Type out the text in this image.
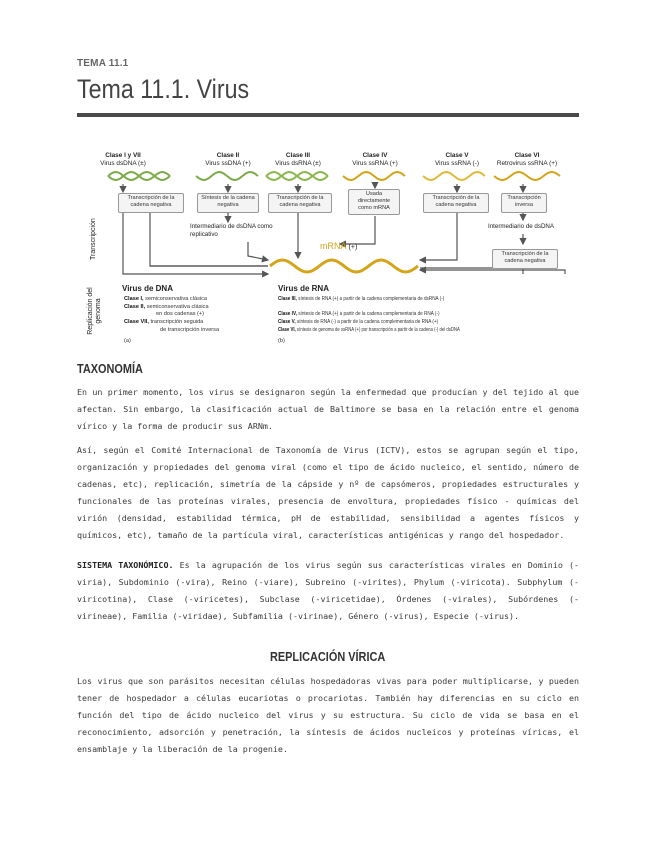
TEMA 11.1
Tema 11.1. Virus
Clase I y VII
Virus dsDNA (±)
Clase II
Virus ssDNA (+)
Clase III
Virus dsRNA (±)
Clase IV
Virus ssRNA (+)
Clase V
Virus ssRNA (-)
Clase VI
Retrovirus ssRNA (+)
Transcripción de la cadena negativa
Síntesis de la cadena negativa
Transcripción de la cadena negativa
Usada directamente como mRNA
Transcripción de la cadena negativa
Transcripción inversa
Transcripción de la cadena negativa
Intermediario de dsDNA como replicativo
Intermediario de dsDNA
mRNA (+)
Transcripción
Replicación del genoma
Virus de DNA
Clase I, semiconservativa clásica
Clase II, semiconservativa clásica
en dos cadenas (+)
Clase VII, transcripción seguida
de transcripción inversa
(a)
Virus de RNA
Clase III, síntesis de RNA (+) a partir de la cadena complementaria de dsRNA (-)
Clase IV, síntesis de RNA (+) a partir de la cadena complementaria de RNA (-)
Clase V, síntesis de RNA (-) a partir de la cadena complementaria de RNA (+)
Clase VI, síntesis de genoma de ssRNA (+) por transcripción a partir de la cadena (-) del dsDNA
(b)
TAXONOMÍA

En un primer momento, los virus se designaron según la enfermedad que producían y del tejido al que afectan. Sin embargo, la clasificación actual de Baltimore se basa en la relación entre el genoma vírico y la forma de producir sus ARNm.

Así, según el Comité Internacional de Taxonomía de Virus (ICTV), estos se agrupan según el tipo, organización y propiedades del genoma viral (como el tipo de ácido nucleico, el sentido, número de cadenas, etc), replicación, simetría de la cápside y nº de capsómeros, propiedades estructurales y funcionales de las proteínas virales, presencia de envoltura, propiedades físico - químicas del virión (densidad, estabilidad térmica, pH de estabilidad, sensibilidad a agentes físicos y químicos, etc), tamaño de la partícula viral, características antigénicas y rango del hospedador.

SISTEMA TAXONÓMICO. Es la agrupación de los virus según sus características virales en Dominio (-viria), Subdominio (-vira), Reino (-viare), Subreino (-virites), Phylum (-viricota). Subphylum (-viricotina), Clase (-viricetes), Subclase (-viricetidae), Órdenes (-virales), Subórdenes (-virineae), Familia (-viridae), Subfamilia (-virinae), Género (-virus), Especie (-virus).

REPLICACIÓN VÍRICA

Los virus que son parásitos necesitan células hospedadoras vivas para poder multiplicarse, y pueden tener de hospedador a células eucariotas o procariotas. También hay diferencias en su ciclo en función del tipo de ácido nucleico del virus y su estructura. Su ciclo de vida se basa en el reconocimiento, adsorción y penetración, la síntesis de ácidos nucleicos y proteínas víricas, el ensamblaje y la liberación de la progenie.
